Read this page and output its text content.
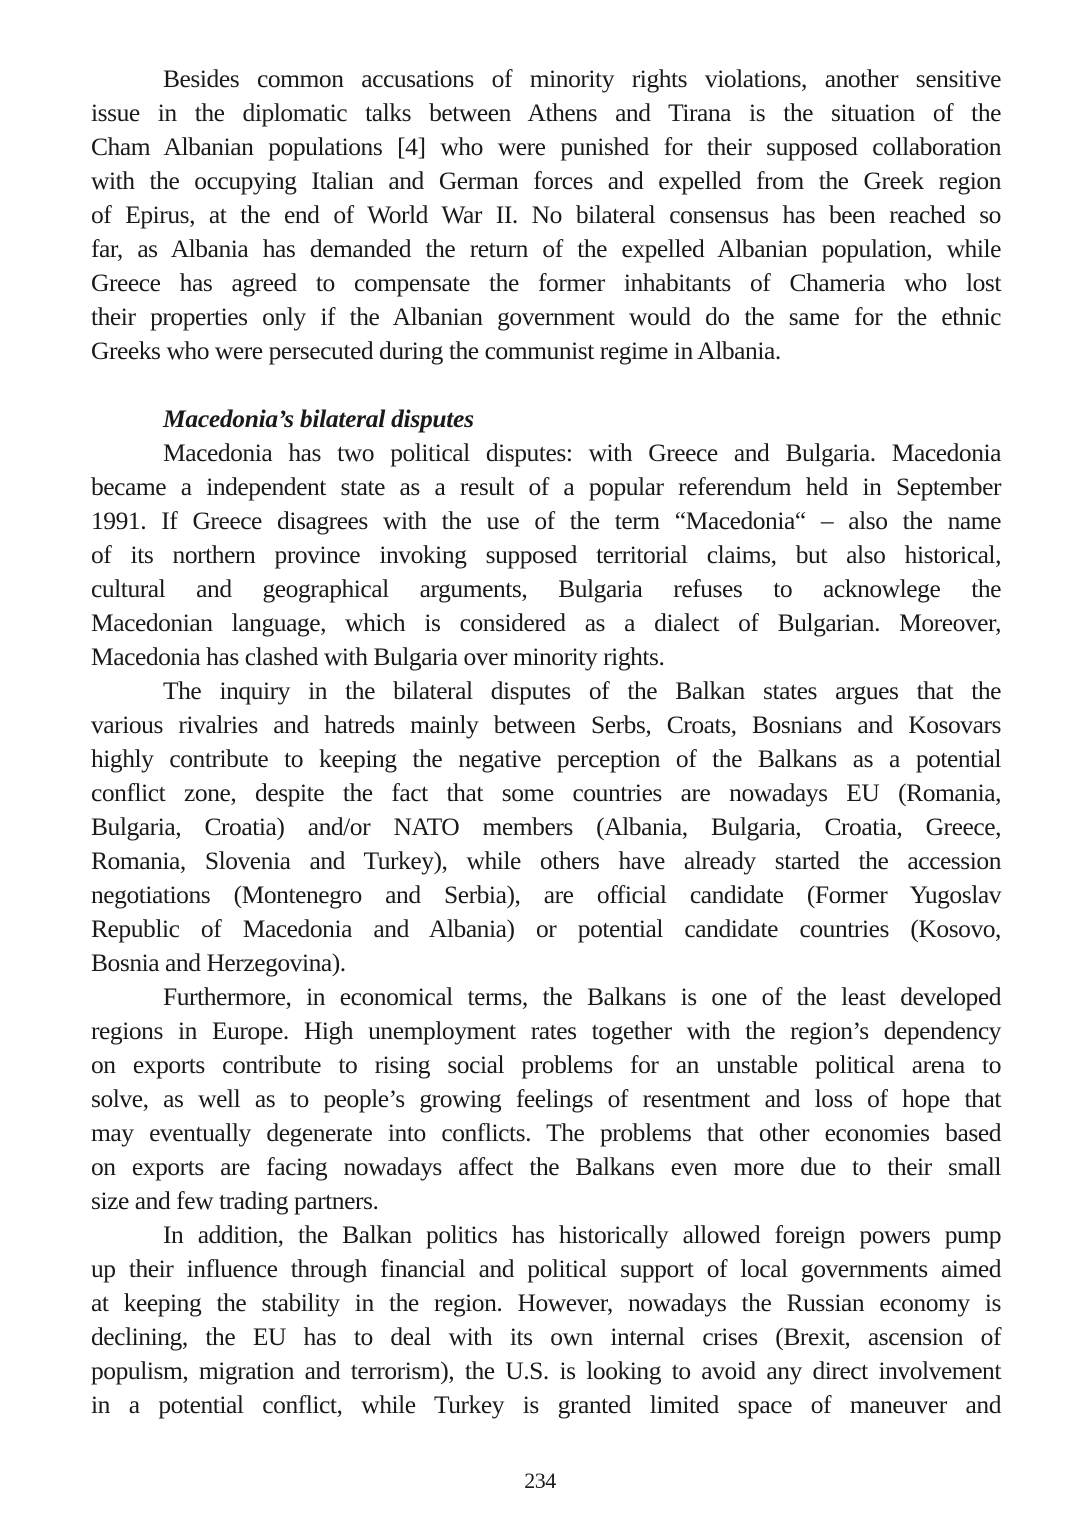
Besides common accusations of minority rights violations, another sensitive
issue in the diplomatic talks between Athens and Tirana is the situation of the
Cham Albanian populations [4] who were punished for their supposed collaboration
with the occupying Italian and German forces and expelled from the Greek region
of Epirus, at the end of World War II. No bilateral consensus has been reached so
far, as Albania has demanded the return of the expelled Albanian population, while
Greece has agreed to compensate the former inhabitants of Chameria who lost
their properties only if the Albanian government would do the same for the ethnic
Greeks who were persecuted during the communist regime in Albania.
Macedonia’s bilateral disputes
Macedonia has two political disputes: with Greece and Bulgaria. Macedonia
became a independent state as a result of a popular referendum held in September
1991. If Greece disagrees with the use of the term “Macedonia“ – also the name
of its northern province invoking supposed territorial claims, but also historical,
cultural and geographical arguments, Bulgaria refuses to acknowlege the
Macedonian language, which is considered as a dialect of Bulgarian. Moreover,
Macedonia has clashed with Bulgaria over minority rights.
The inquiry in the bilateral disputes of the Balkan states argues that the
various rivalries and hatreds mainly between Serbs, Croats, Bosnians and Kosovars
highly contribute to keeping the negative perception of the Balkans as a potential
conflict zone, despite the fact that some countries are nowadays EU (Romania,
Bulgaria, Croatia) and/or NATO members (Albania, Bulgaria, Croatia, Greece,
Romania, Slovenia and Turkey), while others have already started the accession
negotiations (Montenegro and Serbia), are official candidate (Former Yugoslav
Republic of Macedonia and Albania) or potential candidate countries (Kosovo,
Bosnia and Herzegovina).
Furthermore, in economical terms, the Balkans is one of the least developed
regions in Europe. High unemployment rates together with the region’s dependency
on exports contribute to rising social problems for an unstable political arena to
solve, as well as to people’s growing feelings of resentment and loss of hope that
may eventually degenerate into conflicts. The problems that other economies based
on exports are facing nowadays affect the Balkans even more due to their small
size and few trading partners.
In addition, the Balkan politics has historically allowed foreign powers pump
up their influence through financial and political support of local governments aimed
at keeping the stability in the region. However, nowadays the Russian economy is
declining, the EU has to deal with its own internal crises (Brexit, ascension of
populism, migration and terrorism), the U.S. is looking to avoid any direct involvement
in a potential conflict, while Turkey is granted limited space of maneuver and
234
